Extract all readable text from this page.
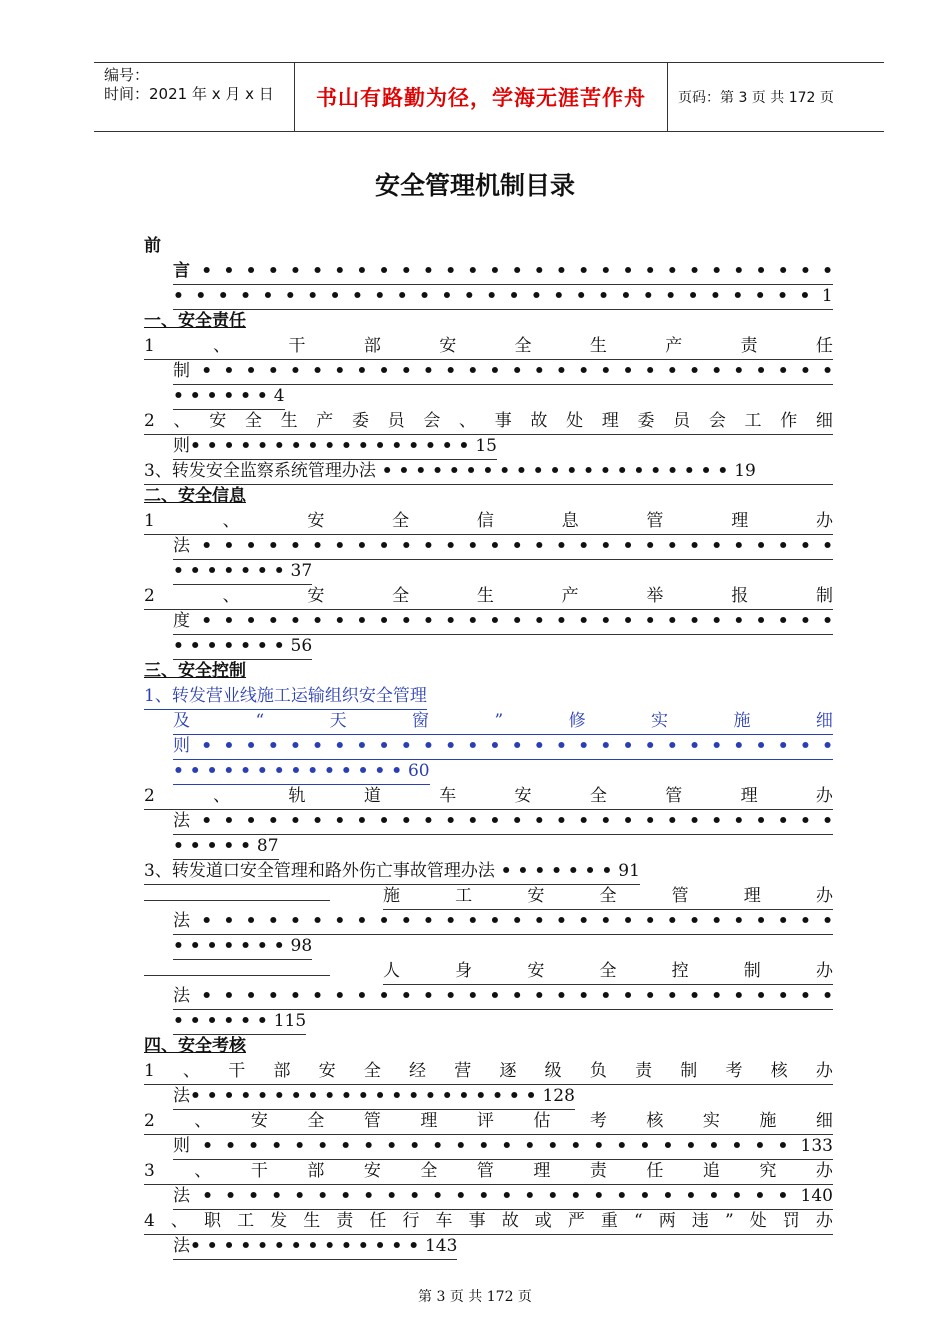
编号：
时间：2021 年 x 月 x 日	书山有路勤为径，学海无涯苦作舟	页码：第 3 页 共 172 页
安全管理机制目录
前
言 • • • • • • • • • • • • • • • • • • • • • • • • • • • • •
• • • • • • • • • • • • • • • • • • • • • • • • • • • • • 1
一、安全责任
1	、	干	部	安	全	生	产	责	任
制 • • • • • • • • • • • • • • • • • • • • • • • • • • • • •
• • • • • • 4
2 、 安 全 生 产 委 员 会 、 事 故 处 理 委 员 会 工 作 细
则• • • • • • • • • • • • • • • • • 15
3、转发安全监察系统管理办法 • • • • • • • • • • • • • • • • • • • • • 19
二、安全信息
1	、	安	全	信	息	管	理	办
法 • • • • • • • • • • • • • • • • • • • • • • • • • • • • •
• • • • • • • 37
2	、	安	全	生	产	举	报	制
度 • • • • • • • • • • • • • • • • • • • • • • • • • • • • •
• • • • • • • 56
三、安全控制
1、转发营业线施工运输组织安全管理
及	“	天	窗	”	修	实	施	细
则 • • • • • • • • • • • • • • • • • • • • • • • • • • • • •
• • • • • • • • • • • • • • 60
2	、	轨	道	车	安	全	管	理	办
法 • • • • • • • • • • • • • • • • • • • • • • • • • • • • •
• • • • • 87
3、转发道口安全管理和路外伤亡事故管理办法 • • • • • • • 91
施	工	安	全	管	理	办
法 • • • • • • • • • • • • • • • • • • • • • • • • • • • • •
• • • • • • • 98
人	身	安	全	控	制	办
法 • • • • • • • • • • • • • • • • • • • • • • • • • • • • •
• • • • • • 115
四、安全考核
1 、 干 部 安 全 经 营 逐 级 负 责 制 考 核 办
法• • • • • • • • • • • • • • • • • • • • • 128
2 、 安 全 管 理 评 估 考 核 实 施 细
则 • • • • • • • • • • • • • • • • • • • • • • • • • • 133
3 、 干 部 安 全 管 理 责 任 追 究 办
法 • • • • • • • • • • • • • • • • • • • • • • • • • • 140
4 、 职 工 发 生 责 任 行 车 事 故 或 严 重 “ 两 违 ” 处 罚 办
法• • • • • • • • • • • • • • 143
第 3 页 共 172 页
